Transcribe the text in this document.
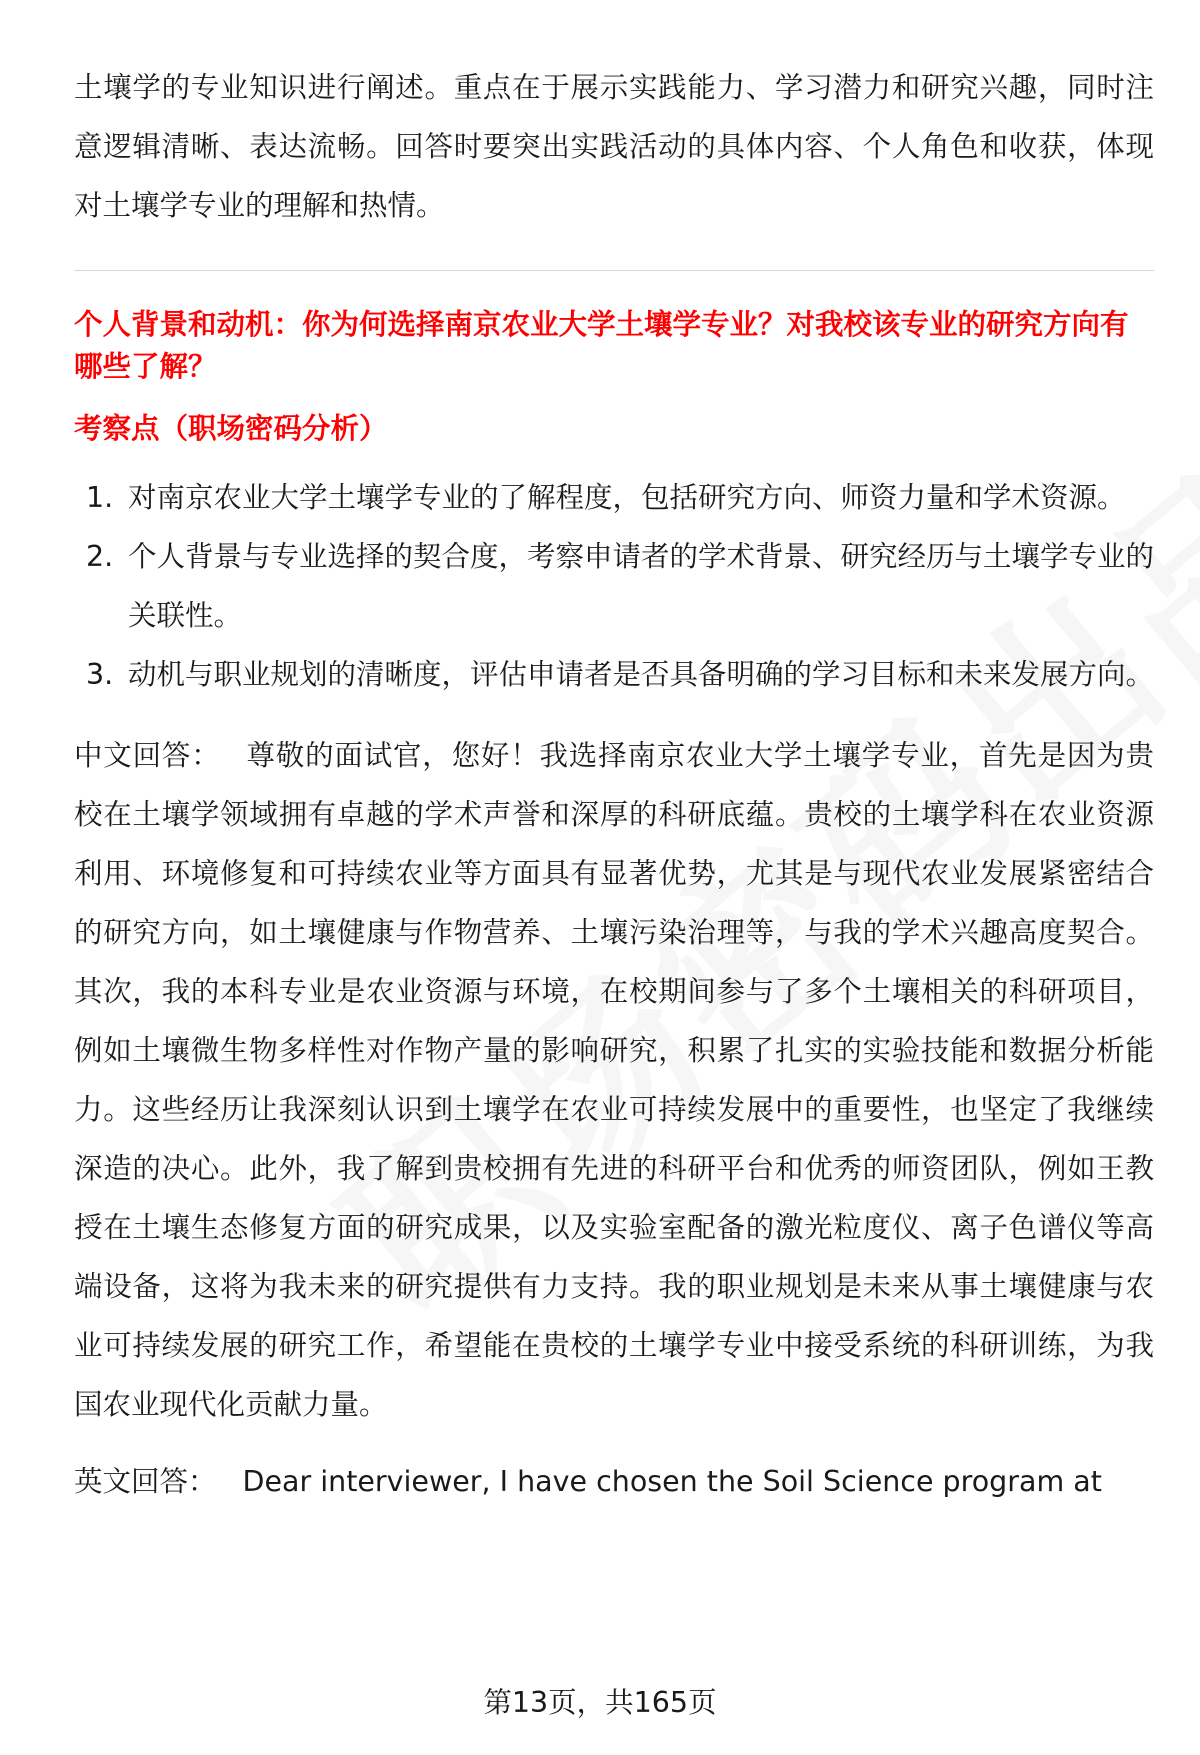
土壤学的专业知识进行阐述。重点在于展示实践能力、学习潜力和研究兴趣，同时注意逻辑清晰、表达流畅。回答时要突出实践活动的具体内容、个人角色和收获，体现对土壤学专业的理解和热情。

个人背景和动机：你为何选择南京农业大学土壤学专业？对我校该专业的研究方向有哪些了解？

考察点（职场密码分析）

1. 对南京农业大学土壤学专业的了解程度，包括研究方向、师资力量和学术资源。
2. 个人背景与专业选择的契合度，考察申请者的学术背景、研究经历与土壤学专业的关联性。
3. 动机与职业规划的清晰度，评估申请者是否具备明确的学习目标和未来发展方向。

中文回答： 尊敬的面试官，您好！我选择南京农业大学土壤学专业，首先是因为贵校在土壤学领域拥有卓越的学术声誉和深厚的科研底蕴。贵校的土壤学科在农业资源利用、环境修复和可持续农业等方面具有显著优势，尤其是与现代农业发展紧密结合的研究方向，如土壤健康与作物营养、土壤污染治理等，与我的学术兴趣高度契合。其次，我的本科专业是农业资源与环境，在校期间参与了多个土壤相关的科研项目，例如土壤微生物多样性对作物产量的影响研究，积累了扎实的实验技能和数据分析能力。这些经历让我深刻认识到土壤学在农业可持续发展中的重要性，也坚定了我继续深造的决心。此外，我了解到贵校拥有先进的科研平台和优秀的师资团队，例如王教授在土壤生态修复方面的研究成果，以及实验室配备的激光粒度仪、离子色谱仪等高端设备，这将为我未来的研究提供有力支持。我的职业规划是未来从事土壤健康与农业可持续发展的研究工作，希望能在贵校的土壤学专业中接受系统的科研训练，为我国农业现代化贡献力量。

英文回答： Dear interviewer, I have chosen the Soil Science program at

第13页，共165页
